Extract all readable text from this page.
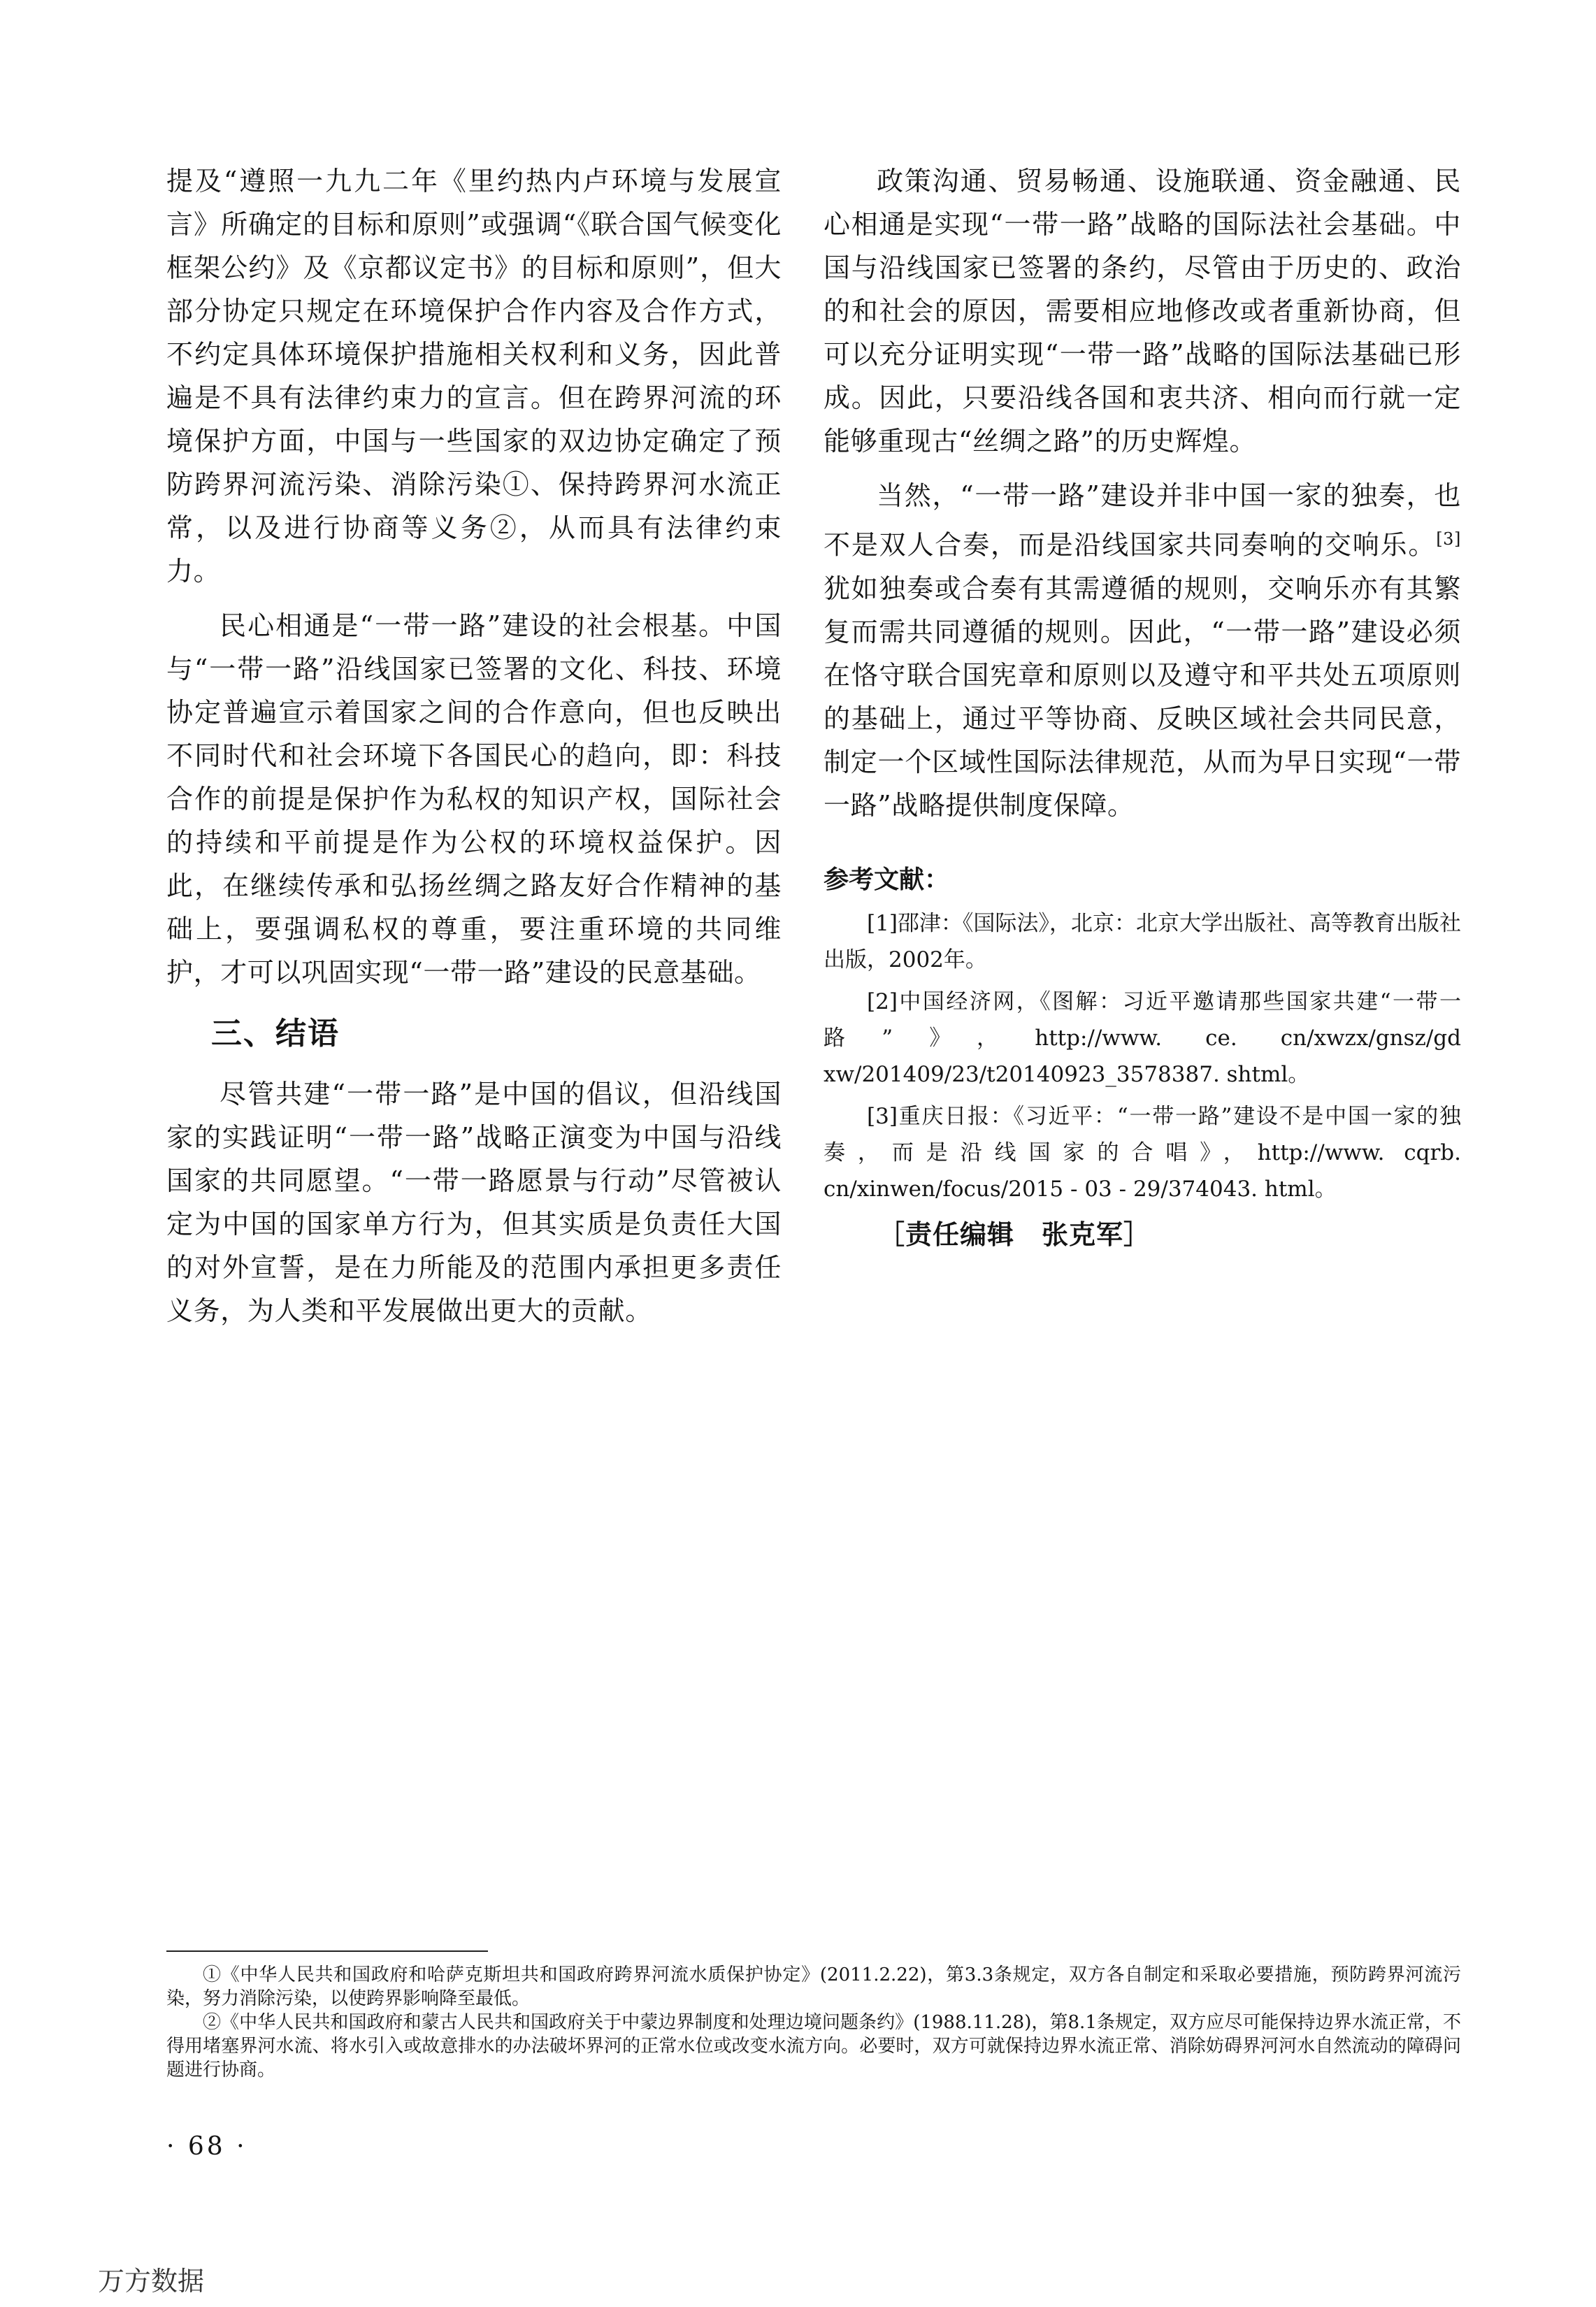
提及“遵照一九九二年《里约热内卢环境与发展宣言》所确定的目标和原则”或强调“《联合国气候变化框架公约》及《京都议定书》的目标和原则”，但大部分协定只规定在环境保护合作内容及合作方式，不约定具体环境保护措施相关权利和义务，因此普遍是不具有法律约束力的宣言。但在跨界河流的环境保护方面，中国与一些国家的双边协定确定了预防跨界河流污染、消除污染①、保持跨界河水流正常，以及进行协商等义务②，从而具有法律约束力。

民心相通是“一带一路”建设的社会根基。中国与“一带一路”沿线国家已签署的文化、科技、环境协定普遍宣示着国家之间的合作意向，但也反映出不同时代和社会环境下各国民心的趋向，即：科技合作的前提是保护作为私权的知识产权，国际社会的持续和平前提是作为公权的环境权益保护。因此，在继续传承和弘扬丝绸之路友好合作精神的基础上，要强调私权的尊重，要注重环境的共同维护，才可以巩固实现“一带一路”建设的民意基础。

三、结语

尽管共建“一带一路”是中国的倡议，但沿线国家的实践证明“一带一路”战略正演变为中国与沿线国家的共同愿望。“一带一路愿景与行动”尽管被认定为中国的国家单方行为，但其实质是负责任大国的对外宣誓，是在力所能及的范围内承担更多责任义务，为人类和平发展做出更大的贡献。

政策沟通、贸易畅通、设施联通、资金融通、民心相通是实现“一带一路”战略的国际法社会基础。中国与沿线国家已签署的条约，尽管由于历史的、政治的和社会的原因，需要相应地修改或者重新协商，但可以充分证明实现“一带一路”战略的国际法基础已形成。因此，只要沿线各国和衷共济、相向而行就一定能够重现古“丝绸之路”的历史辉煌。

当然，“一带一路”建设并非中国一家的独奏，也不是双人合奏，而是沿线国家共同奏响的交响乐。[3]犹如独奏或合奏有其需遵循的规则，交响乐亦有其繁复而需共同遵循的规则。因此，“一带一路”建设必须在恪守联合国宪章和原则以及遵守和平共处五项原则的基础上，通过平等协商、反映区域社会共同民意，制定一个区域性国际法律规范，从而为早日实现“一带一路”战略提供制度保障。

参考文献：

[1]邵津：《国际法》，北京：北京大学出版社、高等教育出版社出版，2002年。

[2]中国经济网，《图解：习近平邀请那些国家共建“一带一路”》，http://www. ce. cn/xwzx/gnsz/gd xw/201409/23/t20140923_3578387. shtml。

[3]重庆日报：《习近平：“一带一路”建设不是中国一家的独奏，而是沿线国家的合唱》，http://www. cqrb. cn/xinwen/focus/2015 - 03 - 29/374043. html。

［责任编辑　张克军］

①《中华人民共和国政府和哈萨克斯坦共和国政府跨界河流水质保护协定》(2011.2.22)，第3.3条规定，双方各自制定和采取必要措施，预防跨界河流污染，努力消除污染，以使跨界影响降至最低。

②《中华人民共和国政府和蒙古人民共和国政府关于中蒙边界制度和处理边境问题条约》(1988.11.28)，第8.1条规定，双方应尽可能保持边界水流正常，不得用堵塞界河水流、将水引入或故意排水的办法破坏界河的正常水位或改变水流方向。必要时，双方可就保持边界水流正常、消除妨碍界河河水自然流动的障碍问题进行协商。

· 68 ·
万方数据
